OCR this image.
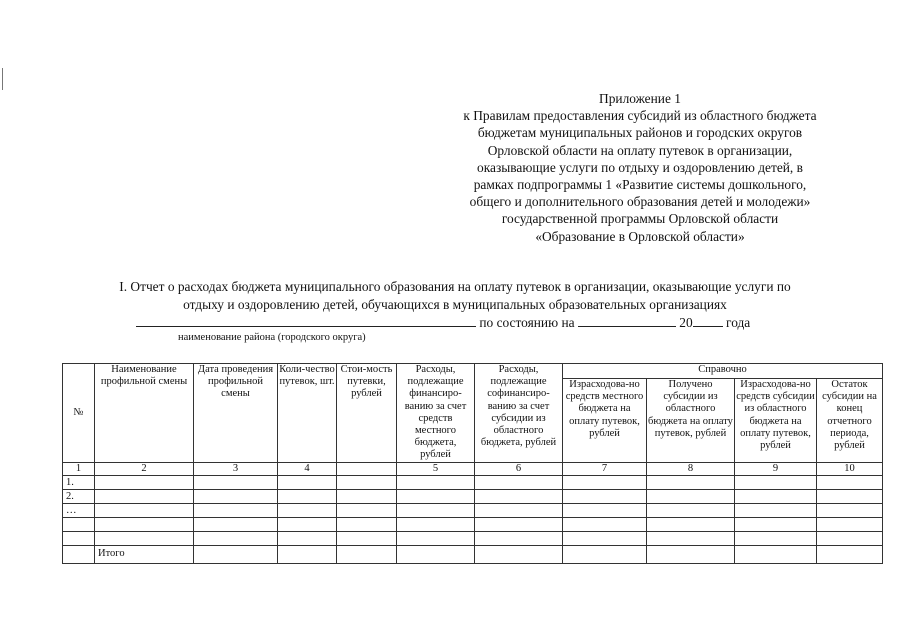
Приложение 1
к Правилам предоставления субсидий из областного бюджета
бюджетам муниципальных районов и городских округов
Орловской области на оплату путевок в организации,
оказывающие услуги по отдыху и оздоровлению детей, в
рамках подпрограммы 1 «Развитие системы дошкольного,
общего и дополнительного образования детей и молодежи»
государственной программы Орловской области
«Образование в Орловской области»
I. Отчет о расходах бюджета муниципального образования на оплату путевок в организации, оказывающие услуги по
отдыху и оздоровлению детей, обучающихся в муниципальных образовательных организациях
по состоянию на	20 года
наименование района (городского округа)
№	Наименование профильной смены	Дата проведения профильной смены	Коли-чество путевок, шт.	Стои-мость путевки, рублей	Расходы, подлежащие финансиро-ванию за счет средств местного бюджета, рублей	Расходы, подлежащие софинансиро-ванию за счет субсидии из областного бюджета, рублей	Справочно			
							Израсходова-но средств местного бюджета на оплату путевок, рублей	Получено субсидии из областного бюджета на оплату путевок, рублей	Израсходова-но средств субсидии из областного бюджета на оплату путевок, рублей	Остаток субсидии на конец отчетного периода, рублей
1	2	3	4		5	6	7	8	9	10
1.										
2.										
…										

	Итого									
